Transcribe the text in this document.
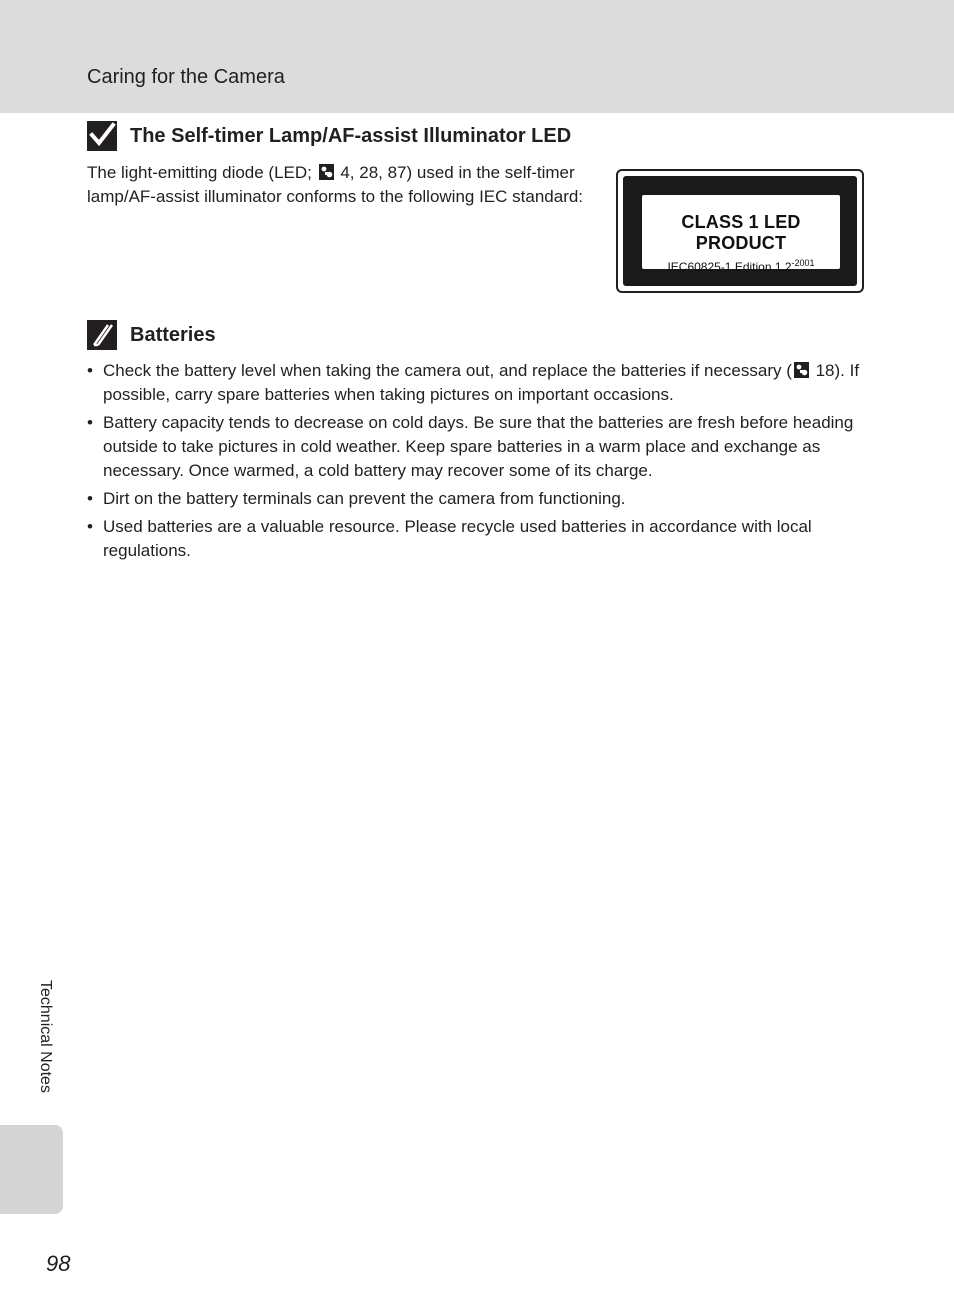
Caring for the Camera
The Self-timer Lamp/AF-assist Illuminator LED
The light-emitting diode (LED;  4, 28, 87) used in the self-timer lamp/AF-assist illuminator conforms to the following IEC standard:
CLASS 1 LED PRODUCT
IEC60825-1 Edition $1.2^{-2001}$
Batteries
• Check the battery level when taking the camera out, and replace the batteries if necessary ( 18). If possible, carry spare batteries when taking pictures on important occasions.
• Battery capacity tends to decrease on cold days. Be sure that the batteries are fresh before heading outside to take pictures in cold weather. Keep spare batteries in a warm place and exchange as necessary. Once warmed, a cold battery may recover some of its charge.
• Dirt on the battery terminals can prevent the camera from functioning.
• Used batteries are a valuable resource. Please recycle used batteries in accordance with local regulations.
Technical Notes
98
